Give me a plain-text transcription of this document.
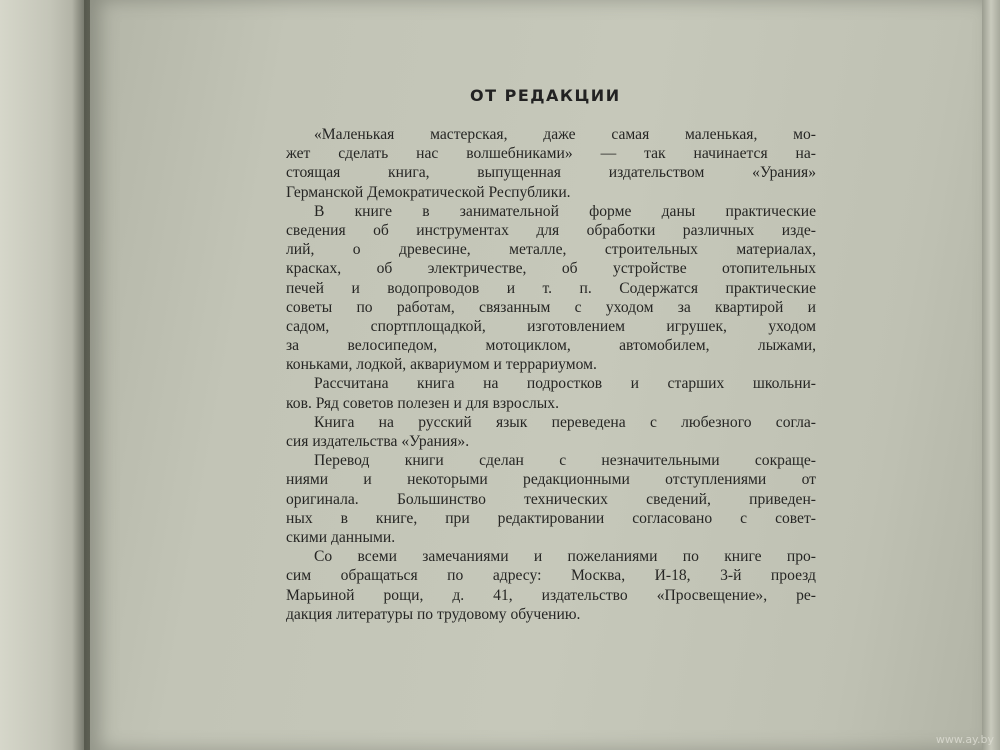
ОТ РЕДАКЦИИ
«Маленькая мастерская, даже самая маленькая, мо-
жет сделать нас волшебниками» — так начинается на-
стоящая книга, выпущенная издательством «Урания»
Германской Демократической Республики.
В книге в занимательной форме даны практические
сведения об инструментах для обработки различных изде-
лий, о древесине, металле, строительных материалах,
красках, об электричестве, об устройстве отопительных
печей и водопроводов и т. п. Содержатся практические
советы по работам, связанным с уходом за квартирой и
садом, спортплощадкой, изготовлением игрушек, уходом
за велосипедом, мотоциклом, автомобилем, лыжами,
коньками, лодкой, аквариумом и террариумом.
Рассчитана книга на подростков и старших школьни-
ков. Ряд советов полезен и для взрослых.
Книга на русский язык переведена с любезного согла-
сия издательства «Урания».
Перевод книги сделан с незначительными сокраще-
ниями и некоторыми редакционными отступлениями от
оригинала. Большинство технических сведений, приведен-
ных в книге, при редактировании согласовано с совет-
скими данными.
Со всеми замечаниями и пожеланиями по книге про-
сим обращаться по адресу: Москва, И-18, 3-й проезд
Марьиной рощи, д. 41, издательство «Просвещение», ре-
дакция литературы по трудовому обучению.
www.ay.by
